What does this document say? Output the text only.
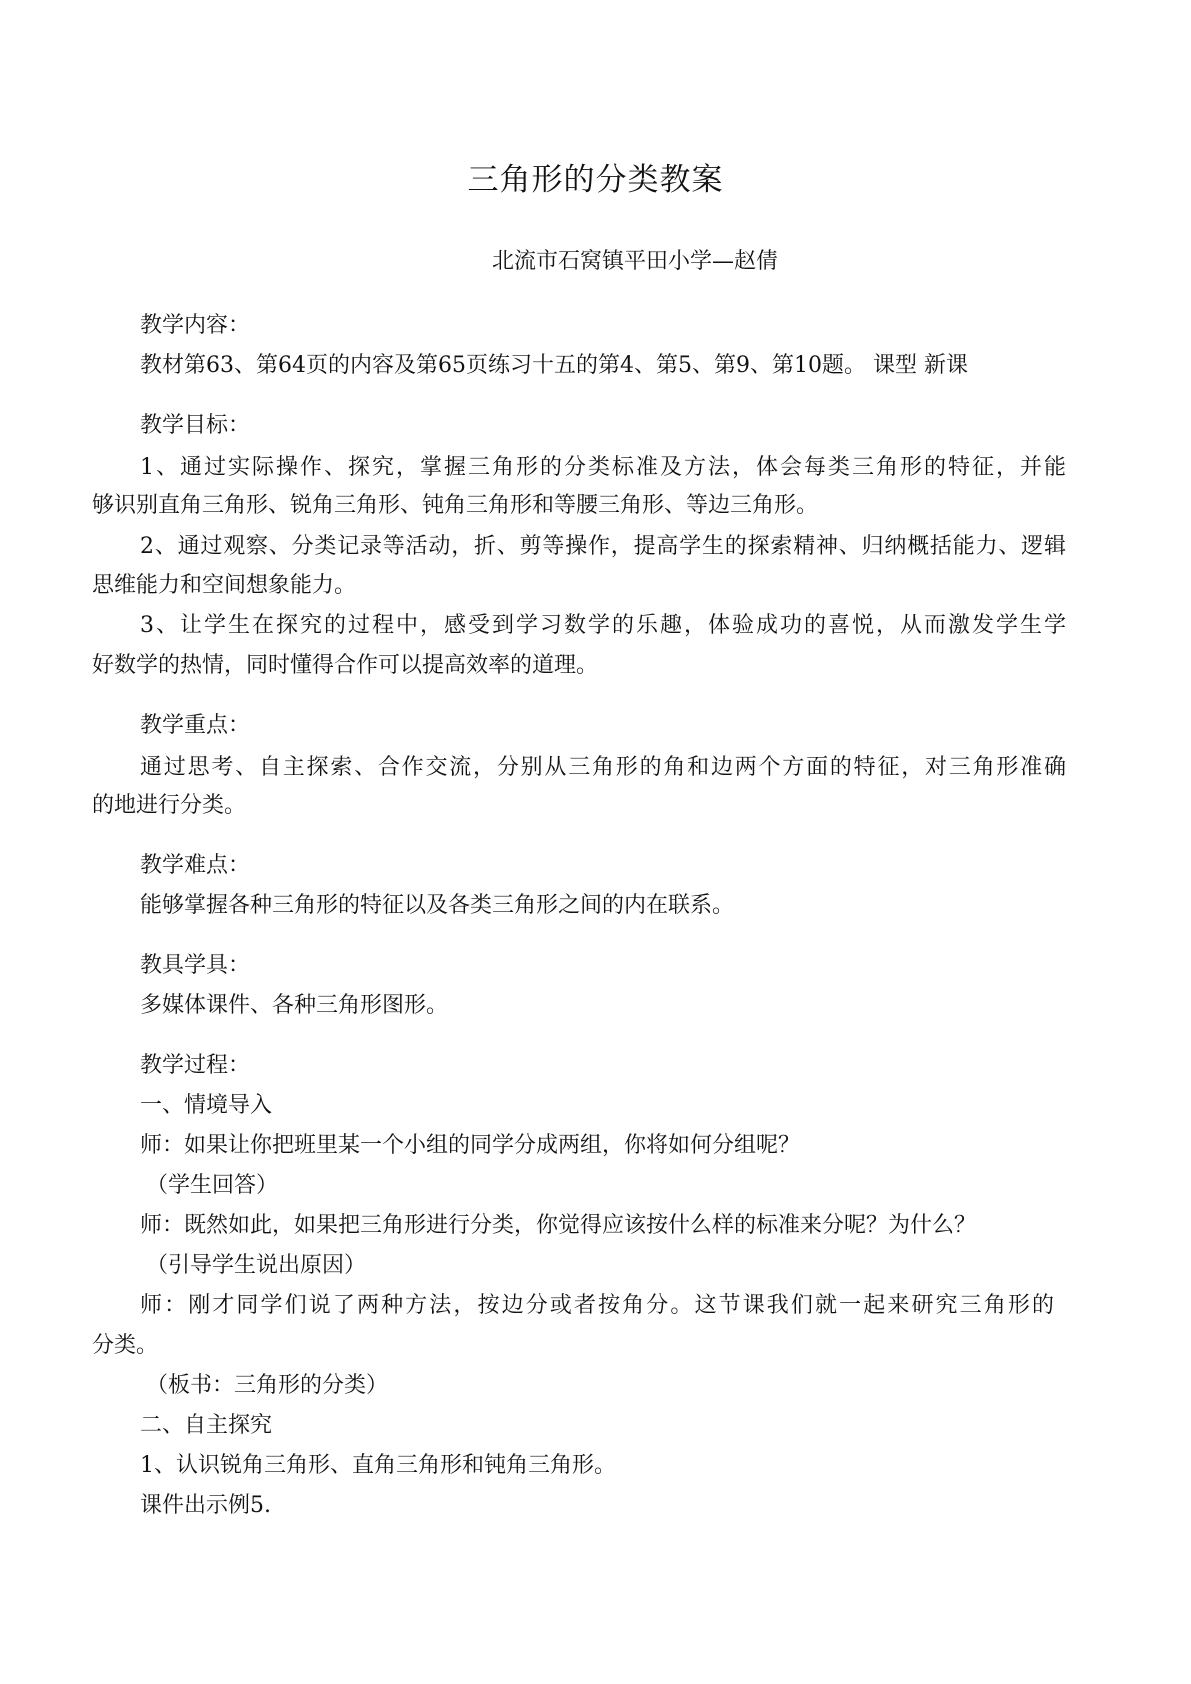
三角形的分类教案

北流市石窝镇平田小学—赵倩

教学内容：

教材第63、第64页的内容及第65页练习十五的第4、第5、第9、第10题。 课型 新课

教学目标：

1、通过实际操作、探究，掌握三角形的分类标准及方法，体会每类三角形的特征，并能

够识别直角三角形、锐角三角形、钝角三角形和等腰三角形、等边三角形。

2、通过观察、分类记录等活动，折、剪等操作，提高学生的探索精神、归纳概括能力、逻辑

思维能力和空间想象能力。

3、让学生在探究的过程中，感受到学习数学的乐趣，体验成功的喜悦，从而激发学生学

好数学的热情，同时懂得合作可以提高效率的道理。

教学重点：

通过思考、自主探索、合作交流，分别从三角形的角和边两个方面的特征，对三角形准确

的地进行分类。

教学难点：

能够掌握各种三角形的特征以及各类三角形之间的内在联系。

教具学具：

多媒体课件、各种三角形图形。

教学过程：

一、情境导入

师：如果让你把班里某一个小组的同学分成两组，你将如何分组呢？

（学生回答）

师：既然如此，如果把三角形进行分类，你觉得应该按什么样的标准来分呢？为什么？

（引导学生说出原因）

师：刚才同学们说了两种方法，按边分或者按角分。这节课我们就一起来研究三角形的

分类。

（板书：三角形的分类）

二、自主探究

1、认识锐角三角形、直角三角形和钝角三角形。

课件出示例5.
